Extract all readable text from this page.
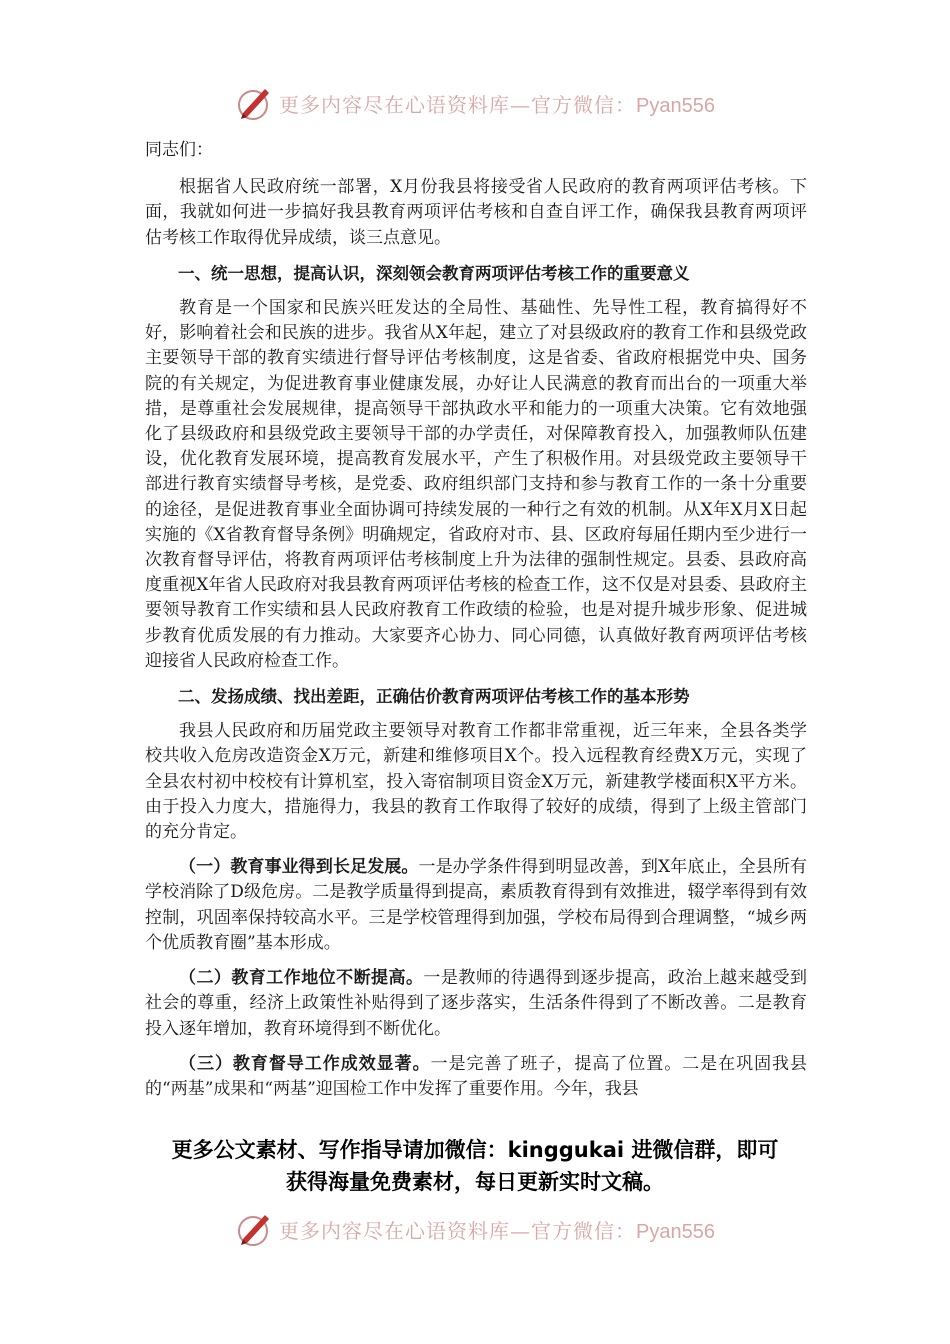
更多内容尽在心语资料库—官方微信：Pyan556

同志们：

根据省人民政府统一部署，X月份我县将接受省人民政府的教育两项评估考核。下面，我就如何进一步搞好我县教育两项评估考核和自查自评工作，确保我县教育两项评估考核工作取得优异成绩，谈三点意见。

一、统一思想，提高认识，深刻领会教育两项评估考核工作的重要意义

教育是一个国家和民族兴旺发达的全局性、基础性、先导性工程，教育搞得好不好，影响着社会和民族的进步。我省从X年起，建立了对县级政府的教育工作和县级党政主要领导干部的教育实绩进行督导评估考核制度，这是省委、省政府根据党中央、国务院的有关规定，为促进教育事业健康发展，办好让人民满意的教育而出台的一项重大举措，是尊重社会发展规律，提高领导干部执政水平和能力的一项重大决策。它有效地强化了县级政府和县级党政主要领导干部的办学责任，对保障教育投入，加强教师队伍建设，优化教育发展环境，提高教育发展水平，产生了积极作用。对县级党政主要领导干部进行教育实绩督导考核，是党委、政府组织部门支持和参与教育工作的一条十分重要的途径，是促进教育事业全面协调可持续发展的一种行之有效的机制。从X年X月X日起实施的《X省教育督导条例》明确规定，省政府对市、县、区政府每届任期内至少进行一次教育督导评估，将教育两项评估考核制度上升为法律的强制性规定。县委、县政府高度重视X年省人民政府对我县教育两项评估考核的检查工作，这不仅是对县委、县政府主要领导教育工作实绩和县人民政府教育工作政绩的检验，也是对提升城步形象、促进城步教育优质发展的有力推动。大家要齐心协力、同心同德，认真做好教育两项评估考核迎接省人民政府检查工作。

二、发扬成绩、找出差距，正确估价教育两项评估考核工作的基本形势

我县人民政府和历届党政主要领导对教育工作都非常重视，近三年来，全县各类学校共收入危房改造资金X万元，新建和维修项目X个。投入远程教育经费X万元，实现了全县农村初中校校有计算机室，投入寄宿制项目资金X万元，新建教学楼面积X平方米。由于投入力度大，措施得力，我县的教育工作取得了较好的成绩，得到了上级主管部门的充分肯定。

（一）教育事业得到长足发展。一是办学条件得到明显改善，到X年底止，全县所有学校消除了D级危房。二是教学质量得到提高，素质教育得到有效推进，辍学率得到有效控制，巩固率保持较高水平。三是学校管理得到加强，学校布局得到合理调整，“城乡两个优质教育圈”基本形成。

（二）教育工作地位不断提高。一是教师的待遇得到逐步提高，政治上越来越受到社会的尊重，经济上政策性补贴得到了逐步落实，生活条件得到了不断改善。二是教育投入逐年增加，教育环境得到不断优化。

（三）教育督导工作成效显著。一是完善了班子，提高了位置。二是在巩固我县的“两基”成果和“两基”迎国检工作中发挥了重要作用。今年，我县

更多公文素材、写作指导请加微信：kinggukai 进微信群，即可
获得海量免费素材，每日更新实时文稿。
更多内容尽在心语资料库—官方微信：Pyan556
